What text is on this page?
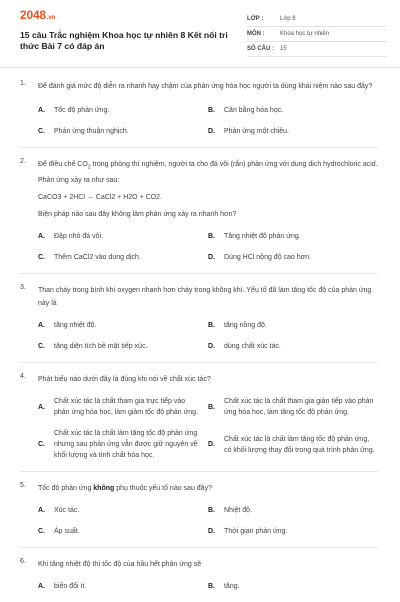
2048.vn
15 câu Trắc nghiệm Khoa học tự nhiên 8 Kết nối tri thức Bài 7 có đáp án
LỚP :	Lớp 8
MÔN :	Khoa học tự nhiên
SỐ CÂU :	15
1. Để đánh giá mức độ diễn ra nhanh hay chậm của phản ứng hóa học người ta dùng khái niệm nào sau đây?
A.	Tốc độ phản ứng.	B.	Cân bằng hóa học.
C.	Phản ứng thuận nghịch.	D.	Phản ứng một chiều.
2. Để điều chế $CO_2$ trong phòng thí nghiệm, người ta cho đá vôi (rắn) phản ứng với dung dịch hydrochloric acid. Phản ứng xảy ra như sau:
CaCO3 + 2HCl → CaCl2 + H2O + CO2.
Biện pháp nào sau đây không làm phản ứng xảy ra nhanh hơn?
A.	Đập nhỏ đá vôi.	B.	Tăng nhiệt độ phản ứng.
C.	Thêm CaCl2 vào dung dịch.	D.	Dùng HCl nồng độ cao hơn.
3. Than cháy trong bình khí oxygen nhanh hơn cháy trong không khí. Yếu tố đã làm tăng tốc độ của phản ứng này là
A.	tăng nhiệt độ.	B.	tăng nồng độ.
C.	tăng diện tích bề mặt tiếp xúc.	D.	dùng chất xúc tác.
4. Phát biểu nào dưới đây là đúng khi nói về chất xúc tác?
A.
Chất xúc tác là chất tham gia trực tiếp vào phản ứng hóa học, làm giảm tốc độ phản ứng.
B.
Chất xúc tác là chất tham gia gián tiếp vào phản ứng hóa học, làm tăng tốc độ phản ứng.
C.
Chất xúc tác là chất làm tăng tốc độ phản ứng nhưng sau phản ứng vẫn được giữ nguyên về khối lượng và tính chất hóa học.
D.
Chất xúc tác là chất làm tăng tốc độ phản ứng, có khối lượng thay đổi trong quá trình phản ứng.
5. Tốc độ phản ứng không phụ thuộc yếu tố nào sau đây?
A.	Xúc tác.	B.	Nhiệt độ.
C.	Áp suất.	D.	Thời gian phản ứng.
6. Khi tăng nhiệt độ thì tốc độ của hầu hết phản ứng sẽ
A.	biến đổi ít.	B.	tăng.
